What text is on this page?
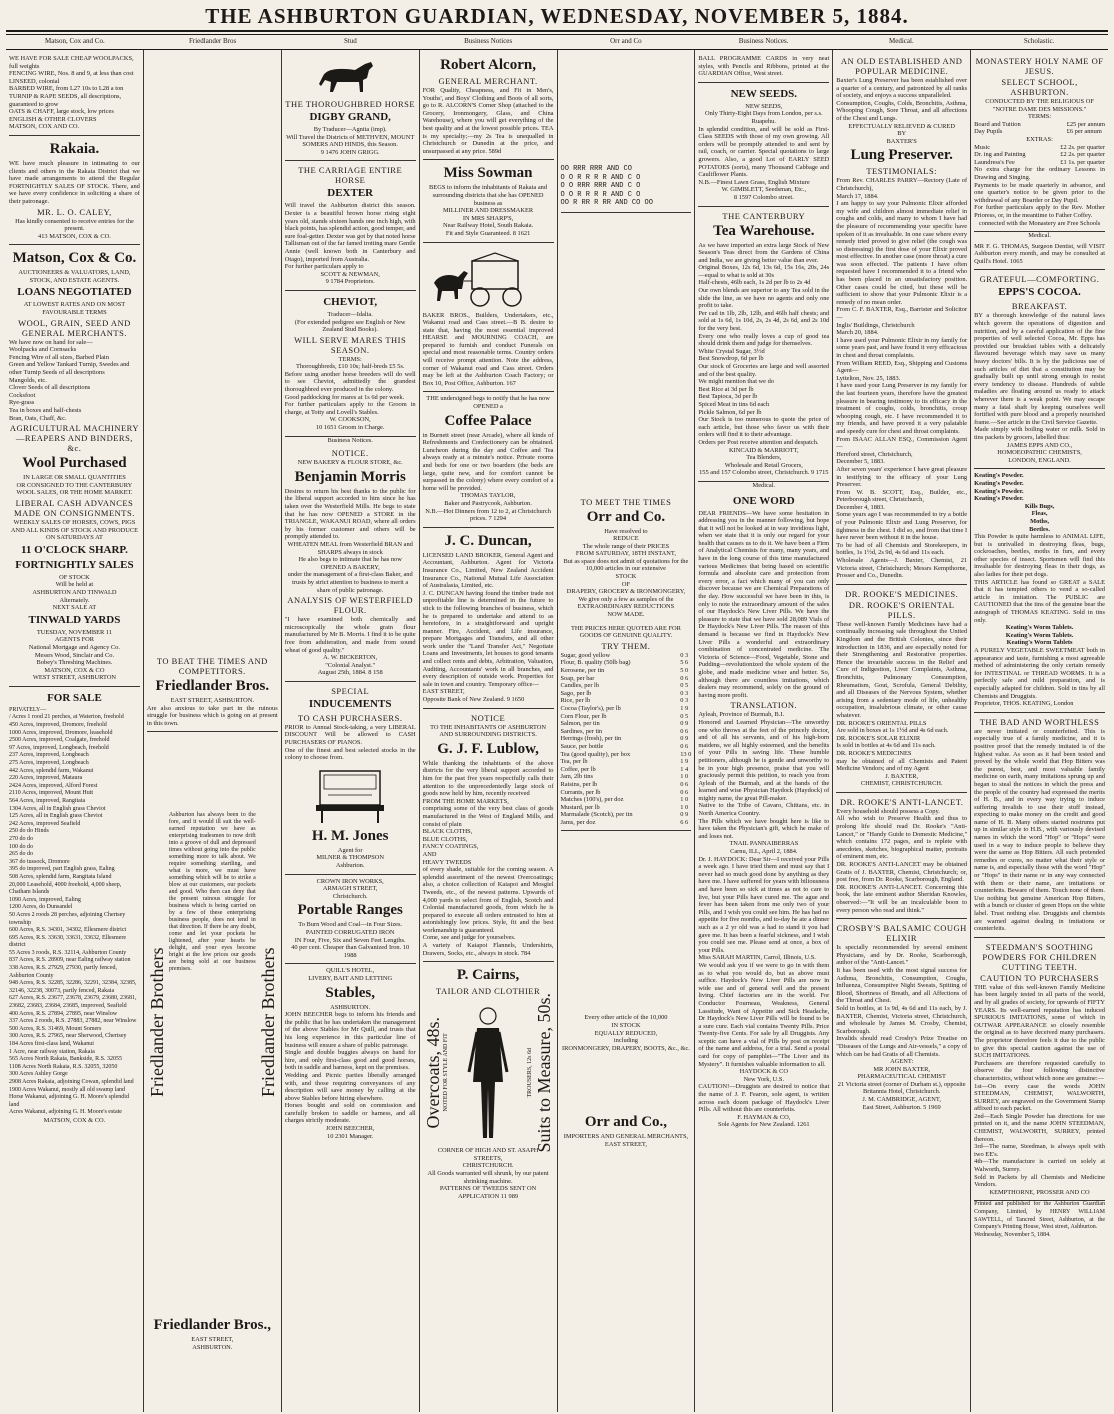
THE ASHBURTON GUARDIAN, WEDNESDAY, NOVEMBER 5, 1884.
Matson, Cox and Co.	Friedlander Bros	Stud	Business Notices	Orr and Co	Business Notices.	Medical.	Scholastic.
WE HAVE FOR SALE CHEAP WOOLPACKS, full weights
FENCING WIRE, Nos. 8 and 9, at less than cost
LINSEED, colonial
BARBED WIRE, from L27 10s to L28 a ton
TURNIP & RAPE SEEDS, all descriptions, guaranteed to grow
OATS & CHAFF, large stock, low prices
ENGLISH & OTHER CLOVERS
MATSON, COX AND CO.
Rakaia.
WE have much pleasure in intimating to our clients and others in the Rakaia District that we have made arrangements to attend the Regular FORTNIGHTLY SALES OF STOCK. There, and we have every confidence in soliciting a share of their patronage.
MR. L. O. CALEY,
Has kindly consented to receive entries for the present.
413 MATSON, COX & CO.
Matson, Cox & Co.
AUCTIONEERS & VALUATORS, LAND, STOCK, AND ESTATE AGENTS.
LOANS NEGOTIATED
AT LOWEST RATES AND ON MOST FAVOURABLE TERMS
WOOL, GRAIN, SEED AND GENERAL MERCHANTS.
We have now on hand for sale—
Woolpacks and Cornsacks
Fencing Wire of all sizes, Barbed Plain
Green and Yellow Tankard Turnip, Swedes and other Turnip Seeds of all descriptions
Mangolds, etc.
Clover Seeds of all descriptions
Cocksfoot
Rye-grass
Tea in boxes and half-chests
Bran, Oats, Chaff, &c.
AGRICULTURAL MACHINERY—REAPERS AND BINDERS, &c.
Wool Purchased
IN LARGE OR SMALL QUANTITIES
OR CONSIGNED TO THE CANTERBURY WOOL SALES, OR THE HOME MARKET.
LIBERAL CASH ADVANCES MADE ON CONSIGNMENTS.
WEEKLY SALES OF HORSES, COWS, PIGS AND ALL KINDS OF STOCK AND PRODUCE ON SATURDAYS AT
11 O'CLOCK SHARP.
FORTNIGHTLY SALES
OF STOCK
Will be held at
ASHBURTON AND TINWALD
Alternately.
NEXT SALE AT
TINWALD YARDS
TUESDAY, NOVEMBER 11
AGENTS FOR
National Mortgage and Agency Co.
Messrs Wood, Sinclair and Co.
Bobey's Threshing Machines.
MATSON, COX & CO
WEST STREET, ASHBURTON
FOR SALE
PRIVATELY—
/ Acres 1 rood 21 perches, at Waterton, freehold
450 Acres, improved, Dromore, freehold
1000 Acres, improved, Dromore, leasehold
2500 Acres, improved, Coalgate, freehold
97 Acres, improved, Longbeach, freehold
237 Acres, improved, Longbeach
275 Acres, improved, Longbeach
442 Acres, splendid farm, Wakanui
220 Acres, improved, Mataura
2424 Acres, improved, Alford Forest
2110 Acres, improved, Mount Hutt
564 Acres, improved, Rangitata
1304 Acres, all in English grass Cheviot
125 Acres, all in English grass Cheviot
242 Acres, improved Seafield
250 do do Hinds
270 do do
100 do do
265 do do
367 do tussock, Dromore
395 do improved, part English grass, Ealing
508 Acres, splendid farm, Rangitata Island
20,000 Leasehold, 4000 freehold, 4,000 sheep, Chatham Islands
1090 Acres, improved, Ealing
1200 Acres, do Dunsandel
50 Acres 2 roods 28 perches, adjoining Chertsey township
600 Acres, R.S. 34301, 34302, Ellesmere district
695 Acres, R.S. 33630, 33631, 33632, Ellesmere district
55 Acres 3 roods, R.S. 32114, Ashburton County
837 Acres, R.S. 28909, near Ealing railway station
338 Acres, R.S. 27929, 27930, partly fenced, Ashburton County
948 Acres, R.S. 32285, 32286, 32291, 32384, 32385, 32146, 32238, 30073, partly fenced, Rakaia
627 Acres, R.S. 23677, 23678, 23679, 23680, 23681, 23682, 23683, 23684, 23685, improved, Seafield
400 Acres, R.S. 27894, 27895, near Winslow
337 Acres 2 roods, R.S. 27883, 27882, near Winslow
500 Acres, R.S. 31469, Mount Somers
300 Acres, R.S. 27965, near Sherwood, Chertsey
184 Acres first-class land, Wakanui
1 Acre, near railway station, Rakaia
565 Acres North Rakaia, Bankside, R.S. 32055
1108 Acres North Rakaia, R.S. 32055, 32050
300 Acres Ashley Gorge
2908 Acres Rakaia, adjoining Cowan, splendid land
1900 Acres Wakanui, mostly all old swamp land
Horse Wakanui, adjoining G. H. Moore's splendid land
Acres Wakanui, adjoining G. H. Moore's estate
MATSON, COX & CO.
TO BEAT THE TIMES AND COMPETITORS.
Friedlander Bros.
EAST STREET, ASHBURTON.
Are also anxious to take part in the ruinous struggle for business which is going on at present in this town.
Friedlander Brothers
Ashburton has always been to the fore, and it would ill suit the well-earned reputation we have as enterprising tradesmen to now drift into a groove of dull and depressed times without going into the public something more to talk about. We require something startling, and what is more, we must have something which will be to strike a blow at our customers, our pockets and good. Who then can deny that the present rainous struggle for business which is being carried on by a few of these enterprising business people, does not tend in that direction. If there be any doubt, come and let your pockets be lightened, after your hearts be delight, and your eyes become bright at the low prices our goods are being sold at our business premises.	Friedlander Brothers
Friedlander Bros.,
EAST STREET,
ASHBURTON.
THE THOROUGHBRED HORSE
DIGBY GRAND,
By Traducer—Agnita (imp).
Will Travel the Districts of METHVEN, MOUNT SOMERS AND HINDS, this Season.
9 1476 JOHN GRIGG.
THE CARRIAGE ENTIRE HORSE
DEXTER
Will travel the Ashburton district this season. Dexter is a beautiful brown horse rising eight years old, stands sixteen hands one inch high, with black points, has splendid action, good temper, and sure foal-getter. Dexter was got by that noted horse Tallisman out of the far famed trotting mare Gentle Annie (well known both in Canterbury and Otago), imported from Australia.
For further particulars apply to
SCOTT & NEWMAN,
9 1784 Proprietors.
CHEVIOT,
Traducer—Idalia.
(For extended pedigree see English or New Zealand Stud Books).
WILL SERVE MARES THIS SEASON.
TERMS:
Thoroughbreds, £10 10s; half-breds £5 5s.
Before using another horse breeders will do well to see Cheviot, admittedly the grandest thoroughbred ever produced in the colony.
Good paddocking for mares at 1s 6d per week.
For further particulars apply to the Groom in charge, at Totty and Lovell's Stables.
W. COOKSON,
10 1651 Groom in Charge.
Business Notices.
NOTICE.
NEW BAKERY & FLOUR STORE, &c.
Benjamin Morris
Desires to return his best thanks to the public for the liberal support accorded to him since he has taken over the Westerfield Mills. He begs to state that he has now OPENED a STORE in the TRIANGLE, WAKANUI ROAD, where all orders by his former customer and others will be promptly attended to.
WHEATEN MEAL from Westerfield BRAN and SHARPS always in stock
He also begs to intimate that he has now
OPENED A BAKERY,
under the management of a first-class Baker, and trusts by strict attention to business to merit a share of public patronage.
ANALYSIS OF WESTERFIELD FLOUR.
"I have examined both chemically and microscopically the whole grain flour manufactured by Mr B. Morris. I find it to be quite free from adulteration, and made from sound wheat of good quality."
A. W. BICKERTON,
"Colonial Analyst."
August 25th, 1884. 8 158
SPECIAL
INDUCEMENTS
TO CASH PURCHASERS.
PRIOR to Annual Stock-taking, a very LIBERAL DISCOUNT Will be allowed to CASH PURCHASERS OF PIANOS.
One of the finest and best selected stocks in the colony to choose from.
H. M. Jones
Agent for
MILNER & THOMPSON
Ashburton.
CROWN IRON WORKS,
ARMAGH STREET,
Christchurch.
Portable Ranges
To Burn Wood and Coal—in Four Sizes.
PAINTED CORRUGATED IRON
IN Four, Five, Six and Seven Feet Lengths.
40 per cent. Cheaper than Galvanized Iron. 10 1988
QUILL'S HOTEL,
LIVERY, BAIT AND LETTING
Stables,
ASHBURTON.
JOHN BEECHER begs to inform his friends and the public that he has undertaken the management of the above Stables for Mr Quill, and trusts that his long experience in this particular line of business will ensure a share of public patronage.
Single and double buggies always on hand for hire, and only first-class good and good horses, both in saddle and harness, kept on the premises.
Wedding and Picnic parties liberally arranged with, and those requiring conveyances of any description will save money by calling at the above Stables before hiring elsewhere.
Horses bought and sold on commission and carefully broken to saddle or harness, and all charges strictly moderate.
JOHN BEECHER,
10 2301 Manager.
Robert Alcorn,
GENERAL MERCHANT.
FOR Quality, Cheapness, and Fit in Men's, Youths', and Boys' Clothing and Boots of all sorts, go to R. ALCORN'S Corner Shop (attached to the Grocery, Ironmongery, Glass, and China Warehouse), where you will get everything of the best quality and at the lowest possible prices. TEA is my specialty;—my 2s Tea is unequalled in Christchurch or Dunedin at the price, and unsurpassed at any price. 589d
Miss Sowman
BEGS to inform the inhabitants of Rakaia and surrounding districts that she has OPENED business as
MILLINER AND DRESSMAKER
IN MRS SHARP'S,
Near Railway Hotel, South Rakaia.
Fit and Style Guaranteed. 8 1621
BAKER BROS., Builders, Undertakers, etc., Wakanui road and Cass street.—B B. desire to state that, having the most essential improved HEARSE and MOURNING COACH, are prepared to furnish and conduct Funerals on special and most reasonable terms. Country orders will receive prompt attention. Note the address, corner of Wakanui road and Cass street. Orders may be left at the Ashburton Coach Factory; or Box 10, Post Office, Ashburton. 167
THE undersigned begs to notify that he has now OPENED a
Coffee Palace
in Burnett street (near Arcade), where all kinds of Refreshments and Confectionery can be obtained. Luncheon during the day and Coffee and Tea always ready at a minute's notice. Private rooms and beds for one or two boarders (the beds are large, quite new, and for comfort cannot be surpassed in the colony) where every comfort of a home will be provided.
THOMAS TAYLOR,
Baker and Pastrycook, Ashburton.
N.B.—Hot Dinners from 12 to 2, at Christchurch prices. 7 1294
J. C. Duncan,
LICENSED LAND BROKER, General Agent and Accountant, Ashburton. Agent for Victoria Insurance Co., Limited, New Zealand Accident Insurance Co., National Mutual Life Association of Australasia, Limited, etc.
J. C. DUNCAN having found the timber trade not unprofitable line is determined in the future to stick to the following branches of business, which he is prepared to undertake and attend to as heretofore, in a straightforward and upright manner. Fire, Accident, and Life insurance, prepare Mortgages and Transfers, and all other work under the "Land Transfer Act," Negotiate Loans and Investments, let houses to good tenants and collect rents and debts, Arbitration, Valuation, Auditing, Accountants' work in all branches, and every description of outside work. Properties for sale in town and country. Temporary office—
EAST STREET,
Opposite Bank of New Zealand. 9 1650
NOTICE
TO THE INHABITANTS OF ASHBURTON AND SURROUNDING DISTRICTS.
G. J. F. Lublow,
While thanking the inhabitants of the above districts for the very liberal support accorded to him for the past five years respectfully calls their attention to the unprecedentedly large stock of goods now held by him, recently received
FROM THE HOME MARKETS,
comprising some of the very best class of goods manufactured in the West of England Mills, and consist of plain
BLACK CLOTHS,
BLUE CLOTHS,
FANCY COATINGS,
AND
HEAVY TWEEDS
of every shade, suitable for the coming season. A splendid assortment of the newest Overcoatings; also, a choice collection of Kaiapoi and Mosgiel Tweeds, etc., of the newest patterns. Upwards of 4,000 yards to select from of English, Scotch and Colonial manufactured goods, from which he is prepared to execute all orders entrusted to him at astonishingly low prices. Style, fit and the best workmanship is guaranteed.
Come, see and judge for yourselves.
A variety of Kaiapoi Flannels, Undershirts, Drawers, Socks, etc., always in stock. 784
P. Cairns,
TAILOR AND CLOTHIER
Overcoats, 48s. NOTED FOR STYLE AND FIT	TROUSERS, 12s 6d Suits to Measure, 50s.
CORNER OF HIGH AND ST. ASAPH STREETS,
CHRISTCHURCH.
All Goods warranted will shrunk, by our patent shrinking machine.
PATTERNS OF TWEEDS SENT ON APPLICATION 11 989
OO RRR RRR AND CO
O O R R R R AND C O
O O RRR RRR AND C O
O O R R R R AND C O
OO R RR R RR AND CO OO
TO MEET THE TIMES
Orr and Co.
Have resolved to
REDUCE
The whole range of their PRICES
FROM SATURDAY, 18TH INSTANT,
But as space does not admit of quotations for the 10,000 articles in our extensive
STOCK
OF
DRAPERY, GROCERY & IRONMONGERY,
We give only a few as samples of the
EXTRAORDINARY REDUCTIONS
NOW MADE.
THE PRICES HERE QUOTED ARE FOR GOODS OF GENUINE QUALITY.
TRY THEM.
Sugar, good yellow	0 3
Flour, B. quality (50lb bag)	5 6
Kerosene, per tin	5 0
Soap, per bar	0 6
Candles, per lb	0 5
Sago, per lb	0 3
Rice, per lb	0 3
Cocoa (Taylor's), per lb	1 9
Corn Flour, per lb	0 5
Salmon, per tin	0 9
Sardines, per tin	0 6
Herrings (fresh), per tin	0 9
Sauce, per bottle	0 6
Tea (good quality), per box	13 0
Tea, per lb	1 9
Coffee, per lb	1 4
Jam, 2lb tins	1 0
Raisins, per lb	0 6
Currants, per lb	0 6
Matches (100's), per doz	1 0
Mustard, per lb	1 0
Marmalade (Scotch), per tin	0 9
Jams, per doz	6 6
Every other article of the 10,000
IN STOCK
EQUALLY REDUCED,
including
IRONMONGERY, DRAPERY, BOOTS, &c., &c.
Orr and Co.,
IMPORTERS AND GENERAL MERCHANTS,
EAST STREET,
BALL PROGRAMME CARDS in very neat styles, with Pencils and Ribbons, printed at the GUARDIAN Office, West street.
NEW SEEDS.
NEW SEEDS,
Only Thirty-Eight Days from London, per s.s. Ruapehu.
In splendid condition, and will be sold as First-Class SEEDS with those of my own growing. All orders will be promptly attended to and sent by rail, coach, or carrier. Special quotations to large growers. Also, a good Lot of EARLY SEED POTATOES (sorts), many Thousand Cabbage and Cauliflower Plants.
N.B.—Finest Lawn Grass, English Mixture
W. GIMBLETT, Seedsman, Etc.,
8 1597 Colombo street.
THE CANTERBURY
Tea Warehouse.
As we have imported an extra large Stock of New Season's Teas direct from the Gardens of China and India, we are giving better value than ever.
Original Boxes, 12s 6d, 13s 6d, 15s 16s, 20s, 24s—equal to what is sold at 30s
Half-chests, 46lb each, 1s 2d per lb to 2s 4d
Our own blends are superior to any Tea sold in the slide the line, as we have no agents and only one profit to take.
Per cad in 1lb, 2lb, 12lb, and 46lb half chests; and sold at 1s 6d, 1s 10d, 2s, 2s 4d, 2s 6d, and 2s 10d for the very best.
Every one who really loves a cup of good tea should drink them and judge for themselves.
White Crystal Sugar, 3½d
Best Snowdrop, 6d per lb
Our stock of Groceries are large and well assorted and of the best quality.
We might mention that we do
Best Rice at 3d per lb
Best Tapioca, 3d per lb
Spiced Meat in tins 6d each
Pickle Salmon, 6d per lb
Our Stock is too numerous to quote the price of each article, but those who favor us with their orders will find it to their advantage.
Orders per Post receive attention and despatch.
KINCAID & MARRIOTT,
Tea Blenders,
Wholesale and Retail Grocers,
155 and 157 Colombo street, Christchurch. 9 1715
Medical.
ONE WORD
DEAR FRIENDS—We have some hesitation in addressing you in the manner following, but hope that it will not be looked at in way invidious light, when we state that it is only our regard for your health that causes us to do it. We have been a Firm of Analytical Chemists for many, many years, and have in the long course of this time manufactured various Medicines that being based on scientific formula and absolute care and protection from every error, a fact which many of you can only discover because we are Chemical Preparations of the day. How successful we have been in this, is only to note the extraordinary amount of the sales of our Haydock's New Liver Pills. We have the pleasure to state that we have sold 28,089 Vials of Dr Haydock's New Liver Pills. The reason of this demand is because we find in Haydock's New Liver Pills a wonderful and extraordinary combination of concentrated medicine. The Victoria of Science—Food, Vegetable, Stone and Pudding—revolutionized the whole system of the globe, and made medicine wiser and better. So, although there are countless imitations, which dealers may recommend, solely on the ground of having more profit.
TRANSLATION.
Ayleah, Province of Burmah, B.I.
Honored and Learned Physician—The unworthy one who throws at the feet of the princely doctor, and of all his servants, and of his high-born maidens, we all highly esteemed, and the benefits of your Pills in saving life. These humble petitioners, although he is gentle and unworthy to be in your high presence, praise that you will graciously permit this petition, to reach you from Ayleah of the Burmah, and at the hands of the learned and wise Physician Haydock (Haydock) of mighty name, the great Pill-maker.
Native to the Tribe of Cavaro, Chittans, etc. in North America Country.
The Pills which we have bought here is like to have taken the Physician's gift, which he make of and loses not.
TNAIL PANNAIBERRAS
Carnu, ILL, April 2, 1884.
Dr. J. HAYDOCK: Dear Sir—I received your Pills a week ago. I have tried them and must say that I never had so much good done by anything as they have me. I have suffered for years with biliousness and have been so sick at times as not to care to live, but your Pills have cured me. The ague and fever has been taken from me only two of your Pills, and I wish you could see him. He has had no appetite for five months, and to-day he ate a dinner such as a 2 yr old was a had to stand it you had gave me. It has been a fearful sickness, and I wish you could see me. Please send at once, a box of your Pills.
Miss SARAH MARTIN, Carrol, Illinois, U.S.
We would ask you if we were to go in with them as to what you would do, but as above must suffice. Haydock's New Liver Pills are now in wide use and of general well and the present living. Chief factories are in the world. For Conductor Fourneau, Weakness, General Lassitude, Want of Appetite and Sick Headache, Dr Haydock's New Liver Pills will be found to be a sure cure. Each vial contains Twenty Pills. Price Twenty-five Cents. For sale by all Druggists. Any sceptic can have a vial of Pills by post on receipt of the name and address, for a trial. Send a postal card for copy of pamphlet—"The Liver and its Mystery". It furnishes valuable information to all.
HAYDOCK & CO
New York, U.S.
CAUTION!—Druggists are desired to notice that the name of J. F. Fearon, sole agent, is written across each dozen package of Haydock's Liver Pills. All without this are counterfeits.
F. HAYMAN & CO,
Sole Agents for New Zealand. 1261
AN OLD ESTABLISHED AND POPULAR MEDICINE.
Baxter's Lung Preserver has been established over a quarter of a century, and patronized by all ranks of society, and enjoys a success unparalleled.
Consumption, Coughs, Colds, Bronchitis, Asthma, Whooping Cough, Sore Throat, and all affections of the Chest and Lungs.
EFFECTUALLY RELIEVED & CURED
BY
BAXTER'S
Lung Preserver.
TESTIMONIALS:
From Rev. CHARLES PARRY—Rectory (Late of Christchurch),
March 17, 1884.
I am happy to say your Pulmonic Elixir afforded my wife and children almost immediate relief in coughs and colds, and many to whom I have had the pleasure of recommending your specific have spoken of it as invaluable. In one case where every remedy tried proved to give relief (the cough was so distressing) the first dose of your Elixir proved most effective. In another case (more throat) a cure was soon effected. The patients I have often requested have I recommended it to a friend who has been placed in an unsatisfactory position. Other cases could be cited, but these will be sufficient to show that your Pulmonic Elixir is a remedy of no mean order.
From C. F. BAXTER, Esq., Barrister and Solicitor—
Inglis' Buildings, Christchurch
March 20, 1884.
I have used your Pulmonic Elixir in my family for some years past, and have found it very efficacious in chest and throat complaints.
From William REED, Esq., Shipping and Customs Agent—
Lyttelton, Nov. 25, 1883.
I have used your Lung Preserver in my family for the last fourteen years, therefore have the greatest pleasure in bearing testimony to its efficacy in the treatment of coughs, colds, bronchitis, croup whooping cough, etc. I have recommended it to my friends, and have proved it a very palatable and speedy cure for chest and throat complaints.
From ISAAC ALLAN ESQ., Commission Agent—
Hereford street, Christchurch,
December 5, 1883.
After seven years' experience I have great pleasure in testifying to the efficacy of your Lung Preserver.
From W. B. SCOTT, Esq., Builder, etc., Peterborough street, Christchurch,
December 4, 1883.
Some years ago I was recommended to try a bottle of your Pulmonic Elixir and Lung Preserver, for tightness in the chest. I did so, and from that time I have never been without it in the house.
To be had of all Chemists and Storekeepers, in bottles, 1s 1½d, 2s 9d, 4s 6d and 11s each.
Wholesale Agents—J. Baxter, Chemist, 21 Victoria street, Christchurch; Messrs Kempthorne, Prosser and Co., Dunedin.
DR. ROOKE'S MEDICINES.
DR. ROOKE'S ORIENTAL PILLS.
These well-known Family Medicines have had a continually increasing sale throughout the United Kingdom and the British Colonies, since their introduction in 1836, and are especially noted for their Strengthening and Restorative properties. Hence the invariable success in the Relief and Cure of Indigestion, Liver Complaints, Asthma, Bronchitis, Pulmonary Consumption, Rheumatism, Gout, Scrofula, General Debility, and all Diseases of the Nervous System, whether arising from a sedentary mode of life, unhealthy occupation, insalubrious climate, or other cause whatever.
DR. ROOKE'S ORIENTAL PILLS
Are sold in boxes at 1s 1½d and 4s 6d each.
DR. ROOKE'S SOLAR ELIXIR
Is sold in bottles at 4s 6d and 11s each.
DR. ROOKE'S MEDICINES
may be obtained of all Chemists and Patent Medicine Vendors; and of my Agent
J. BAXTER,
CHEMIST, CHRISTCHURCH.
DR. ROOKE'S ANTI-LANCET.
Every household should possess a Copy.
All who wish to Preserve Health and thus to prolong life should read Dr. Rooke's "Anti-Lancet," or "Handy Guide to Domestic Medicine," which contains 172 pages, and is replete with anecdotes, sketches, biographical matter, portraits of eminent men, etc.
DR. ROOKE'S ANTI-LANCET may be obtained Gratis of J. BAXTER, Chemist, Christchurch; or, post free, from Dr. Rooke, Scarborough, England.
DR. ROOKE'S ANTI-LANCET. Concerning this book, the late eminent author Sheridan Knowles, observed:—"It will be an incalculable boon to every person who read and think."
CROSBY'S BALSAMIC COUGH ELIXIR
Is specially recommended by several eminent Physicians, and by Dr. Rooke, Scarborough, author of the "Anti-Lancet."
It has been used with the most signal success for Asthma, Bronchitis, Consumption, Coughs, Influenza, Consumptive Night Sweats, Spitting of Blood, Shortness of Breath, and all Affections of the Throat and Chest.
Sold in bottles, at 1s 9d, 4s 6d and 11s each, by J. BAXTER, Chemist, Victoria street, Christchurch, and wholesale by James M. Crosby, Chemist, Scarborough.
Invalids should read Crosby's Prize Treatise on "Diseases of the Lungs and Air-vessels," a copy of which can be had Gratis of all Chemists.
AGENT:
MR JOHN BAXTER,
PHARMACEUTICAL CHEMIST
21 Victoria street (corner of Durham st.), opposite Britannia Hotel, Christchurch.
J. M. CAMBRIDGE, AGENT,
East Street, Ashburton. 5 1969
MONASTERY HOLY NAME OF JESUS.
SELECT SCHOOL, ASHBURTON.
CONDUCTED BY THE RELIGIOUS OF "NOTRE DAME DES MISSIONS."
TERMS:
Board and Tuition	£25 per annum
Day Pupils	£6 per annum
EXTRAS:
Music	£2 2s. per quarter
Dr. ing and Painting	£2 2s. per quarter
Laundress's Fee	£1 1s. per quarter
No extra charge for the ordinary Lessons in Drawing and Singing.
Payments to be made quarterly in advance, and one quarter's notice to be given prior to the withdrawal of any Boarder or Day Pupil.
For further particulars apply to the Rev. Mother Prioress, or, in the meantime to Father Coffey.
connected with the Monastery are Free Schools
Medical.
MR F. G. THOMAS, Surgeon Dentist, will VISIT Ashburton every month, and may be consulted at Quill's Hotel. 1065
GRATEFUL—COMFORTING.
EPPS'S COCOA.
BREAKFAST.
BY a thorough knowledge of the natural laws which govern the operations of digestion and nutrition, and by a careful application of the fine properties of well selected Cocoa, Mr. Epps has provided our breakfast tables with a delicately flavoured beverage which may save us many heavy doctors' bills. It is by the judicious use of such articles of diet that a constitution may be gradually built up until strong enough to resist every tendency to disease. Hundreds of subtle maladies are floating around us ready to attack wherever there is a weak point. We may escape many a fatal shaft by keeping ourselves well fortified with pure blood and a properly nourished frame.—See article in the Civil Service Gazette.
Made simply with boiling water or milk. Sold in tins packets by grocers, labelled thus:
JAMES EPPS AND CO.,
HOMOEOPATHIC CHEMISTS,
LONDON, ENGLAND.
Keating's Powder.
Keating's Powder.
Keating's Powder.
Keating's Powder.
Kills Bugs,
Fleas,
Moths,
Beetles.
This Powder is quite harmless to ANIMAL LIFE, but is unrivalled in destroying fleas, bugs, cockroaches, beetles, moths in furs, and every other species of insect. Sportsmen will find this invaluable for destroying fleas in their dogs, as also ladies for their pet dogs.
THIS ARTICLE has found so GREAT a SALE that it has tempted others to vend a so-called article in imitation. The PUBLIC are CAUTIONED that the tins of the genuine bear the autograph of THOMAS KEATING. Sold in tins only.
Keating's Worm Tablets.
Keating's Worm Tablets.
Keating's Worm Tablets
A PURELY VEGETABLE SWEETMEAT both in appearance and taste, furnishing a most agreeable method of administering the only certain remedy for INTESTINAL or THREAD WORMS. It is a perfectly safe and mild preparation, and is especially adapted for children. Sold in tins by all Chemists and Druggists.
Proprietor, THOS. KEATING, London
THE BAD AND WORTHLESS
are never imitated or counterfeited. This is especially true of a family medicine, and it is positive proof that the remedy imitated is of the highest value. As soon as it had been tested and proved by the whole world that Hop Bitters was the purest, best, and most valuable family medicine on earth, many imitations sprung up and began to steal the notices in which the press and the people of the country had expressed the merits of H. B., and in every way trying to induce suffering invalids to use their stuff instead, expecting to make money on the credit and good name of H. B. Many others started nostrums put up in similar style to H.B., with variously devised names in which the word "Hop" or "Hops" were used in a way to induce people to believe they were the same as Hop Bitters. All such pretended remedies or cures, no matter what their style or name is, and especially those with the word "Hop" or "Hops" in their name or in any way connected with them or their name, are imitations or counterfeits. Beware of them. Touch none of them. Use nothing but genuine American Hop Bitters, with a bunch or cluster of green Hops on the white label. Trust nothing else. Druggists and chemists are warned against dealing in imitations or counterfeits.
STEEDMAN'S SOOTHING POWDERS FOR CHILDREN CUTTING TEETH.
CAUTION TO PURCHASERS
THE value of this well-known Family Medicine has been largely tested in all parts of the world, and by all grades of society, for upwards of FIFTY YEARS. Its well-earned reputation has induced SPURIOUS IMITATIONS, some of which in OUTWAR APPEARANCE so closely resemble the original as to have deceived many purchasers. The proprietor therefore feels it due to the public to give this special caution against the use of SUCH IMITATIONS.
Purchasers are therefore requested carefully to observe the four following distinctive characteristics, without which none are genuine:—
1st—On every case the words JOHN STEEDMAN, CHEMIST, WALWORTH, SURREY, are engraved on the Government Stamp affixed to each packet.
2nd—Each Single Powder has directions for use printed on it, and the name JOHN STEEDMAN, CHEMIST, WALWORTH, SURREY, printed thereon.
3rd—The name, Steedman, is always spelt with two EE's.
4th—The manufacture is carried on solely at Walworth, Surrey.
Sold in Packets by all Chemists and Medicine Vendors.
KEMPTHORNE, PROSSER AND CO
Printed and published for the Ashburton Guardian Company, Limited, by HENRY WILLIAM SAWTELL, of Tancred Street, Ashburton, at the Company's Printing House, West street, Ashburton.
Wednesday, November 5, 1884.
